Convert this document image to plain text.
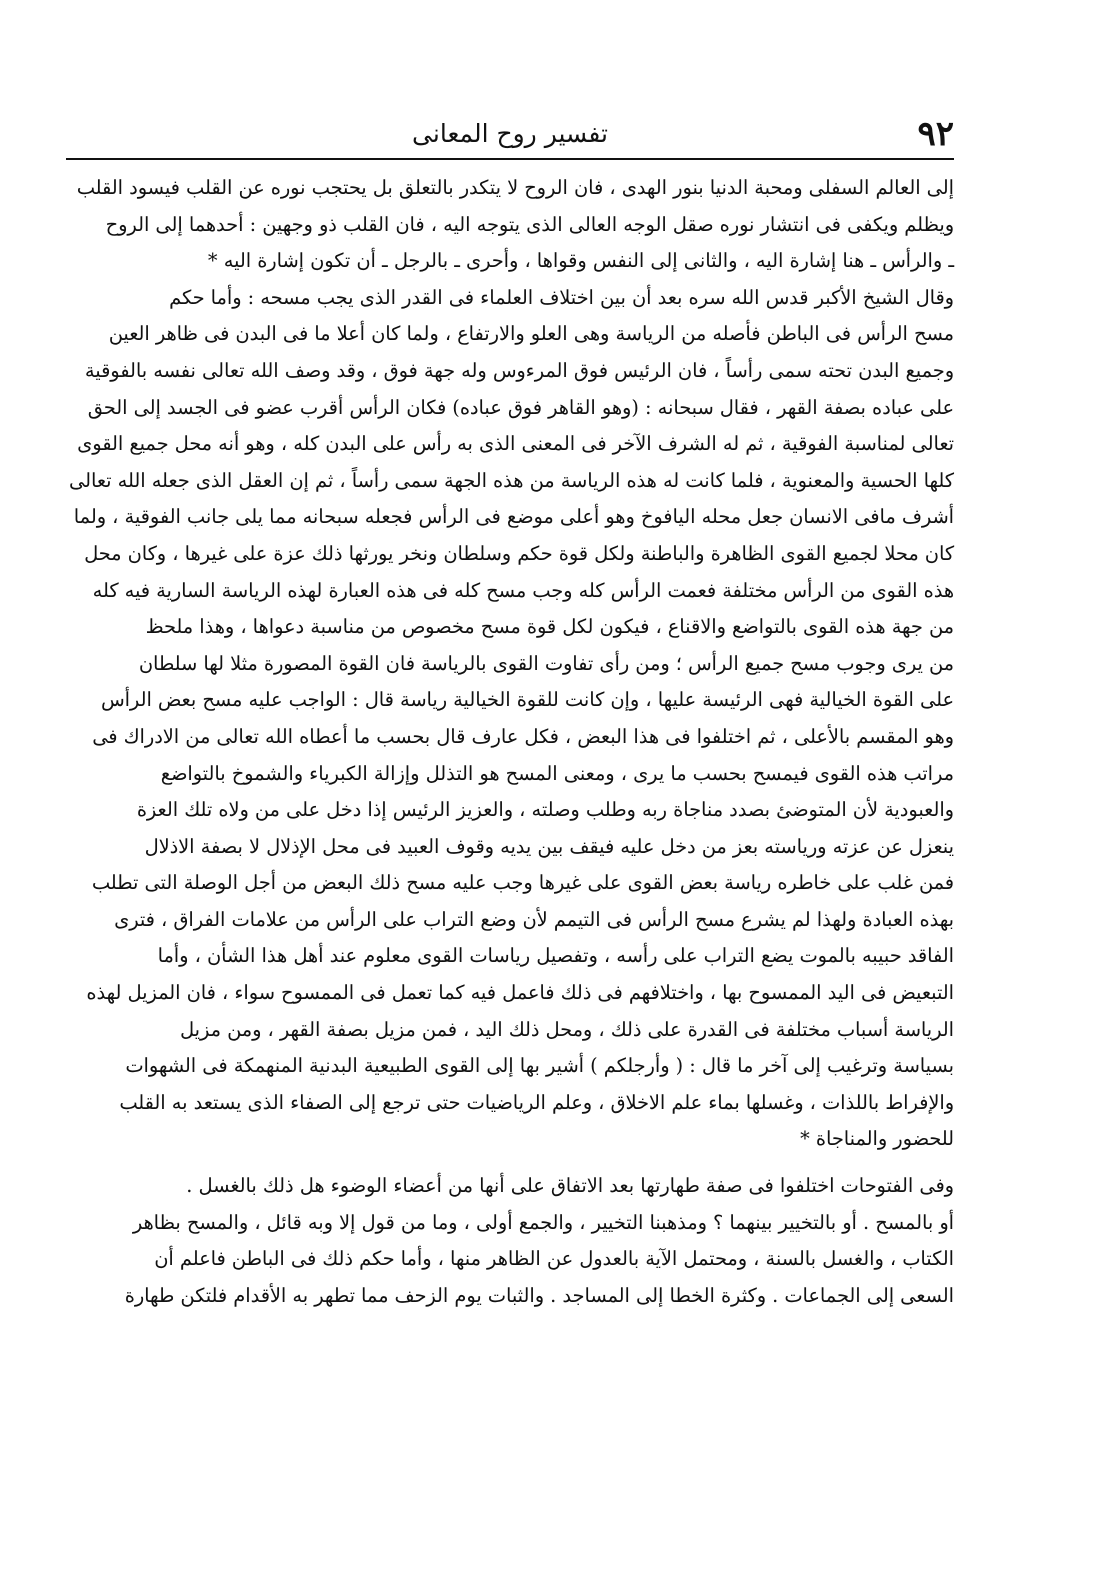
٩٢
تفسير روح المعانى

إلى العالم السفلى ومحبة الدنيا بنور الهدى ، فان الروح لا يتكدر بالتعلق بل يحتجب نوره عن القلب فيسود القلب

ويظلم ويكفى فى انتشار نوره صقل الوجه العالى الذى يتوجه اليه ، فان القلب ذو وجهين : أحدهما إلى الروح

ـ والرأس ـ هنا إشارة اليه ، والثانى إلى النفس وقواها ، وأحرى ـ بالرجل ـ أن تكون إشارة اليه *

وقال الشيخ الأكبر قدس الله سره بعد أن بين اختلاف العلماء فى القدر الذى يجب مسحه : وأما حكم

مسح الرأس فى الباطن فأصله من الرياسة وهى العلو والارتفاع ، ولما كان أعلا ما فى البدن فى ظاهر العين

وجميع البدن تحته سمى رأساً ، فان الرئيس فوق المرءوس وله جهة فوق ، وقد وصف الله تعالى نفسه بالفوقية

على عباده بصفة القهر ، فقال سبحانه : (وهو القاهر فوق عباده) فكان الرأس أقرب عضو فى الجسد إلى الحق

تعالى لمناسبة الفوقية ، ثم له الشرف الآخر فى المعنى الذى به رأس على البدن كله ، وهو أنه محل جميع القوى

كلها الحسية والمعنوية ، فلما كانت له هذه الرياسة من هذه الجهة سمى رأساً ، ثم إن العقل الذى جعله الله تعالى

أشرف مافى الانسان جعل محله اليافوخ وهو أعلى موضع فى الرأس فجعله سبحانه مما يلى جانب الفوقية ، ولما

كان محلا لجميع القوى الظاهرة والباطنة ولكل قوة حكم وسلطان ونخر يورثها ذلك عزة على غيرها ، وكان محل

هذه القوى من الرأس مختلفة فعمت الرأس كله وجب مسح كله فى هذه العبارة لهذه الرياسة السارية فيه كله

من جهة هذه القوى بالتواضع والاقناع ، فيكون لكل قوة مسح مخصوص من مناسبة دعواها ، وهذا ملحظ

من يرى وجوب مسح جميع الرأس ؛ ومن رأى تفاوت القوى بالرياسة فان القوة المصورة مثلا لها سلطان

على القوة الخيالية فهى الرئيسة عليها ، وإن كانت للقوة الخيالية رياسة قال : الواجب عليه مسح بعض الرأس

وهو المقسم بالأعلى ، ثم اختلفوا فى هذا البعض ، فكل عارف قال بحسب ما أعطاه الله تعالى من الادراك فى

مراتب هذه القوى فيمسح بحسب ما يرى ، ومعنى المسح هو التذلل وإزالة الكبرياء والشموخ بالتواضع

والعبودية لأن المتوضئ بصدد مناجاة ربه وطلب وصلته ، والعزيز الرئيس إذا دخل على من ولاه تلك العزة

ينعزل عن عزته ورياسته بعز من دخل عليه فيقف بين يديه وقوف العبيد فى محل الإذلال لا بصفة الاذلال

فمن غلب على خاطره رياسة بعض القوى على غيرها وجب عليه مسح ذلك البعض من أجل الوصلة التى تطلب

بهذه العبادة ولهذا لم يشرع مسح الرأس فى التيمم لأن وضع التراب على الرأس من علامات الفراق ، فترى

الفاقد حبيبه بالموت يضع التراب على رأسه ، وتفصيل رياسات القوى معلوم عند أهل هذا الشأن ، وأما

التبعيض فى اليد الممسوح بها ، واختلافهم فى ذلك فاعمل فيه كما تعمل فى الممسوح سواء ، فان المزيل لهذه

الرياسة أسباب مختلفة فى القدرة على ذلك ، ومحل ذلك اليد ، فمن مزيل بصفة القهر ، ومن مزيل

بسياسة وترغيب إلى آخر ما قال : ( وأرجلكم ) أشير بها إلى القوى الطبيعية البدنية المنهمكة فى الشهوات

والإفراط باللذات ، وغسلها بماء علم الاخلاق ، وعلم الرياضيات حتى ترجع إلى الصفاء الذى يستعد به القلب

للحضور والمناجاة *

وفى الفتوحات اختلفوا فى صفة طهارتها بعد الاتفاق على أنها من أعضاء الوضوء هل ذلك بالغسل .

أو بالمسح . أو بالتخيير بينهما ؟ ومذهبنا التخيير ، والجمع أولى ، وما من قول إلا وبه قائل ، والمسح بظاهر

الكتاب ، والغسل بالسنة ، ومحتمل الآية بالعدول عن الظاهر منها ، وأما حكم ذلك فى الباطن فاعلم أن

السعى إلى الجماعات . وكثرة الخطا إلى المساجد . والثبات يوم الزحف مما تطهر به الأقدام فلتكن طهارة
